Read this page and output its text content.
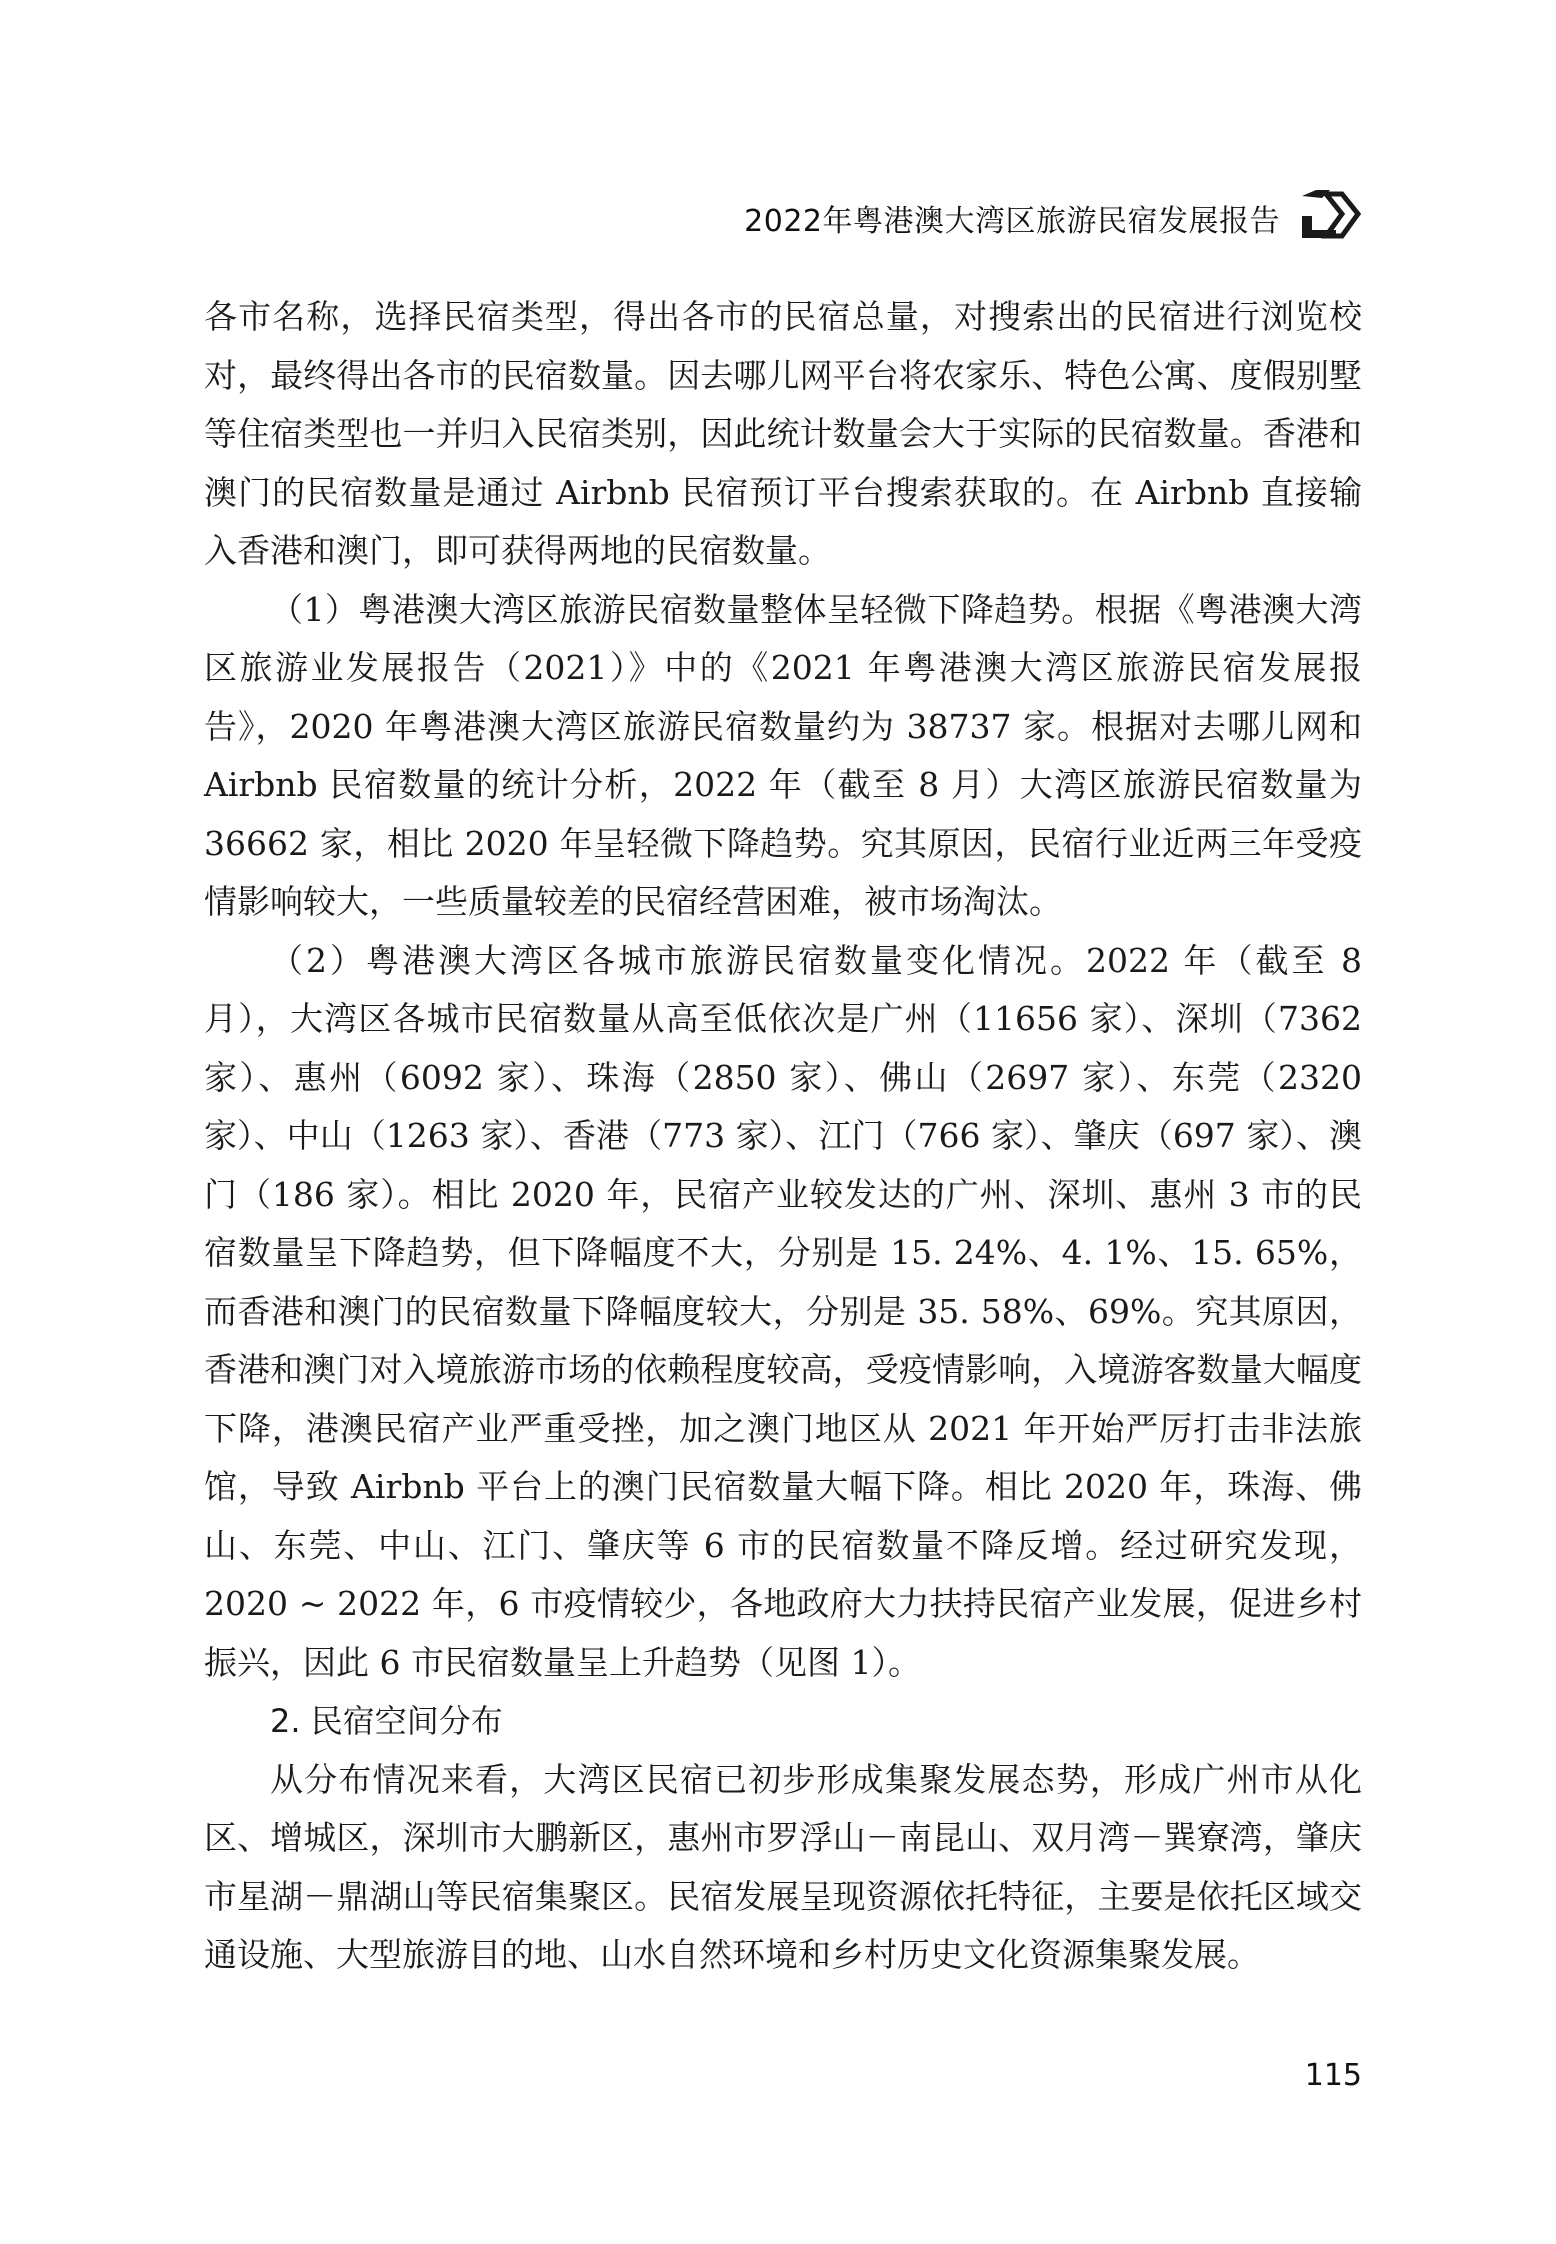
2022年粤港澳大湾区旅游民宿发展报告

各市名称，选择民宿类型，得出各市的民宿总量，对搜索出的民宿进行浏览校对，最终得出各市的民宿数量。因去哪儿网平台将农家乐、特色公寓、度假别墅等住宿类型也一并归入民宿类别，因此统计数量会大于实际的民宿数量。香港和澳门的民宿数量是通过 Airbnb 民宿预订平台搜索获取的。在 Airbnb 直接输入香港和澳门，即可获得两地的民宿数量。

（1）粤港澳大湾区旅游民宿数量整体呈轻微下降趋势。根据《粤港澳大湾区旅游业发展报告（2021）》中的《2021 年粤港澳大湾区旅游民宿发展报告》，2020 年粤港澳大湾区旅游民宿数量约为 38737 家。根据对去哪儿网和 Airbnb 民宿数量的统计分析，2022 年（截至 8 月）大湾区旅游民宿数量为 36662 家，相比 2020 年呈轻微下降趋势。究其原因，民宿行业近两三年受疫情影响较大，一些质量较差的民宿经营困难，被市场淘汰。

（2）粤港澳大湾区各城市旅游民宿数量变化情况。2022 年（截至 8 月），大湾区各城市民宿数量从高至低依次是广州（11656 家）、深圳（7362 家）、惠州（6092 家）、珠海（2850 家）、佛山（2697 家）、东莞（2320 家）、中山（1263 家）、香港（773 家）、江门（766 家）、肇庆（697 家）、澳门（186 家）。相比 2020 年，民宿产业较发达的广州、深圳、惠州 3 市的民宿数量呈下降趋势，但下降幅度不大，分别是 15. 24%、4. 1%、15. 65%，而香港和澳门的民宿数量下降幅度较大，分别是 35. 58%、69%。究其原因，香港和澳门对入境旅游市场的依赖程度较高，受疫情影响，入境游客数量大幅度下降，港澳民宿产业严重受挫，加之澳门地区从 2021 年开始严厉打击非法旅馆，导致 Airbnb 平台上的澳门民宿数量大幅下降。相比 2020 年，珠海、佛山、东莞、中山、江门、肇庆等 6 市的民宿数量不降反增。经过研究发现，2020 ~ 2022 年，6 市疫情较少，各地政府大力扶持民宿产业发展，促进乡村振兴，因此 6 市民宿数量呈上升趋势（见图 1）。

2. 民宿空间分布

从分布情况来看，大湾区民宿已初步形成集聚发展态势，形成广州市从化区、增城区，深圳市大鹏新区，惠州市罗浮山－南昆山、双月湾－巽寮湾，肇庆市星湖－鼎湖山等民宿集聚区。民宿发展呈现资源依托特征，主要是依托区域交通设施、大型旅游目的地、山水自然环境和乡村历史文化资源集聚发展。

115
